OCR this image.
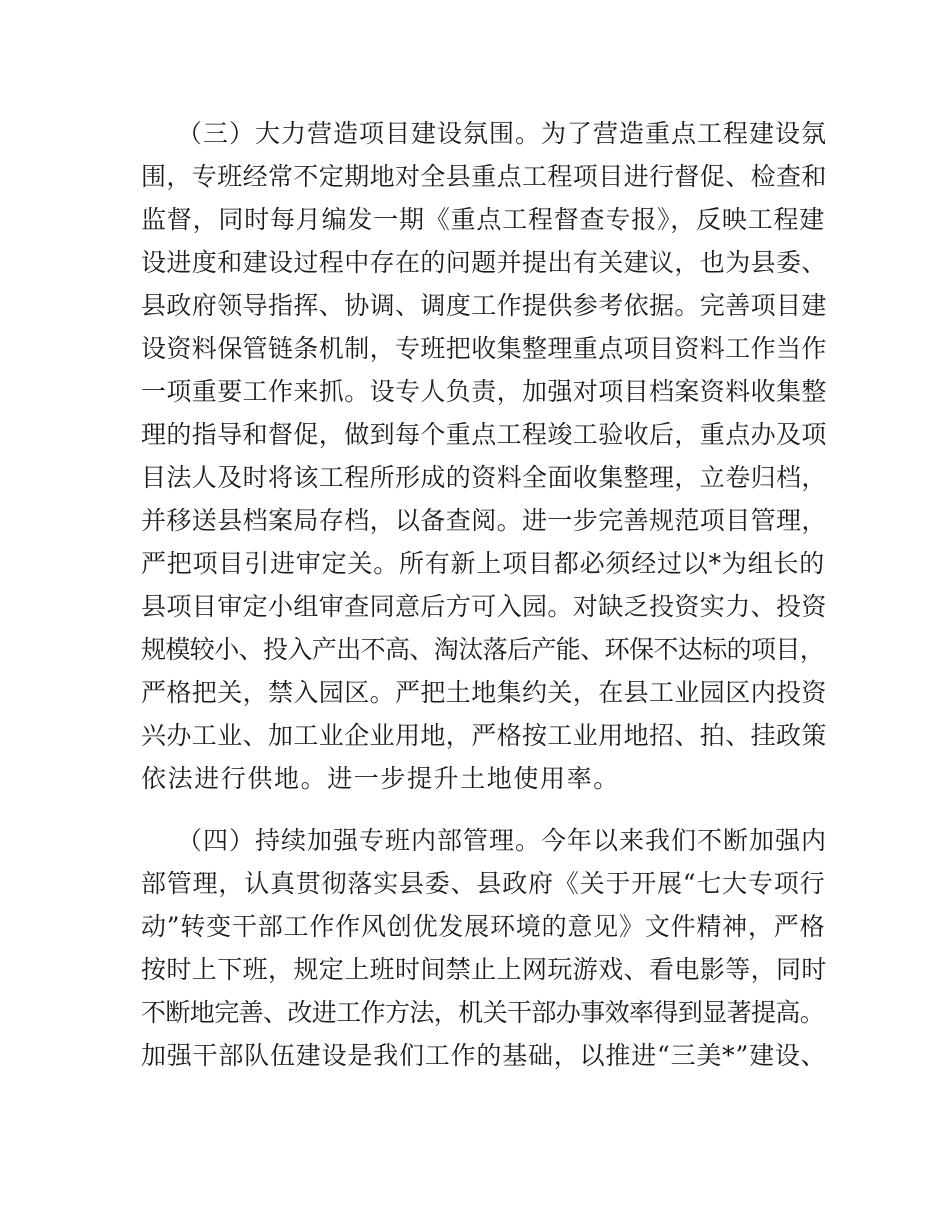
（三）大力营造项目建设氛围。为了营造重点工程建设氛
围，专班经常不定期地对全县重点工程项目进行督促、检查和
监督，同时每月编发一期《重点工程督查专报》，反映工程建
设进度和建设过程中存在的问题并提出有关建议，也为县委、
县政府领导指挥、协调、调度工作提供参考依据。完善项目建
设资料保管链条机制，专班把收集整理重点项目资料工作当作
一项重要工作来抓。设专人负责，加强对项目档案资料收集整
理的指导和督促，做到每个重点工程竣工验收后，重点办及项
目法人及时将该工程所形成的资料全面收集整理，立卷归档，
并移送县档案局存档，以备查阅。进一步完善规范项目管理，
严把项目引进审定关。所有新上项目都必须经过以*为组长的
县项目审定小组审查同意后方可入园。对缺乏投资实力、投资
规模较小、投入产出不高、淘汰落后产能、环保不达标的项目，
严格把关，禁入园区。严把土地集约关，在县工业园区内投资
兴办工业、加工业企业用地，严格按工业用地招、拍、挂政策
依法进行供地。进一步提升土地使用率。
（四）持续加强专班内部管理。今年以来我们不断加强内
部管理，认真贯彻落实县委、县政府《关于开展“七大专项行
动”转变干部工作作风创优发展环境的意见》文件精神，严格
按时上下班，规定上班时间禁止上网玩游戏、看电影等，同时
不断地完善、改进工作方法，机关干部办事效率得到显著提高。
加强干部队伍建设是我们工作的基础，以推进“三美*”建设、
